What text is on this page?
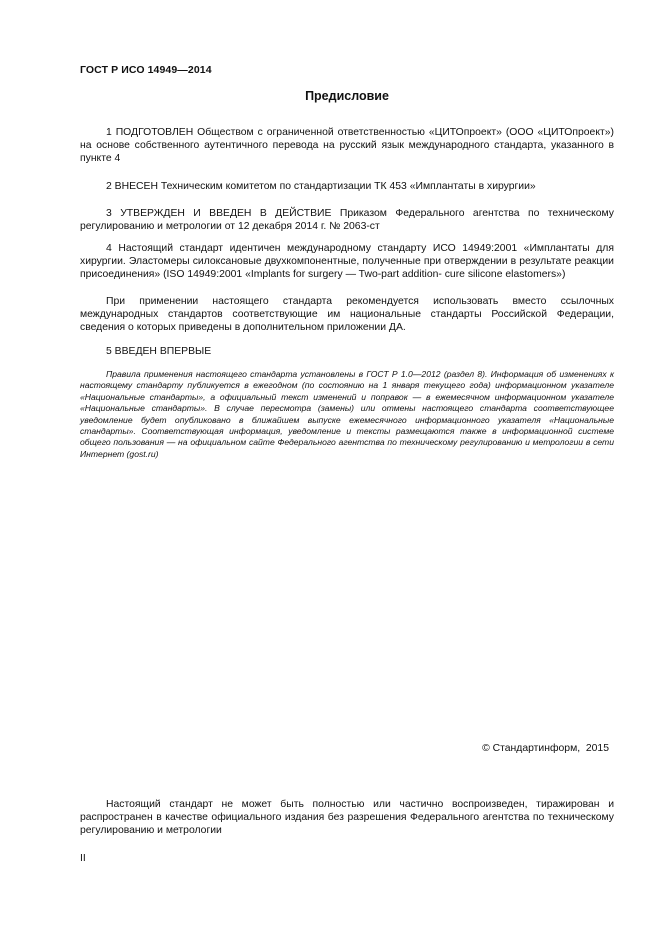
ГОСТ Р ИСО 14949—2014
Предисловие

1 ПОДГОТОВЛЕН Обществом с ограниченной ответственностью «ЦИТОпроект» (ООО «ЦИТОпроект») на основе собственного аутентичного перевода на русский язык международного стандарта, указанного в пункте 4

2 ВНЕСЕН Техническим комитетом по стандартизации ТК 453 «Имплантаты в хирургии»

3 УТВЕРЖДЕН И ВВЕДЕН В ДЕЙСТВИЕ Приказом Федерального агентства по техническому регулированию и метрологии от 12 декабря 2014 г. № 2063-ст

4 Настоящий стандарт идентичен международному стандарту ИСО 14949:2001 «Имплантаты для хирургии. Эластомеры силоксановые двухкомпонентные, полученные при отверждении в результате реакции присоединения» (ISO 14949:2001 «Implants for surgery — Two-part addition- cure silicone elastomers»)

При применении настоящего стандарта рекомендуется использовать вместо ссылочных международных стандартов соответствующие им национальные стандарты Российской Федерации, сведения о которых приведены в дополнительном приложении ДА.

5 ВВЕДЕН ВПЕРВЫЕ

Правила применения настоящего стандарта установлены в ГОСТ Р 1.0—2012 (раздел 8). Информация об изменениях к настоящему стандарту публикуется в ежегодном (по состоянию на 1 января текущего года) информационном указателе «Национальные стандарты», а официальный текст изменений и поправок — в ежемесячном информационном указателе «Национальные стандарты». В случае пересмотра (замены) или отмены настоящего стандарта соответствующее уведомление будет опубликовано в ближайшем выпуске ежемесячного информационного указателя «Национальные стандарты». Соответствующая информация, уведомление и тексты размещаются также в информационной системе общего пользования — на официальном сайте Федерального агентства по техническому регулированию и метрологии в сети Интернет (gost.ru)

© Стандартинформ,  2015

Настоящий стандарт не может быть полностью или частично воспроизведен, тиражирован и распространен в качестве официального издания без разрешения Федерального агентства по техническому регулированию и метрологии

II
